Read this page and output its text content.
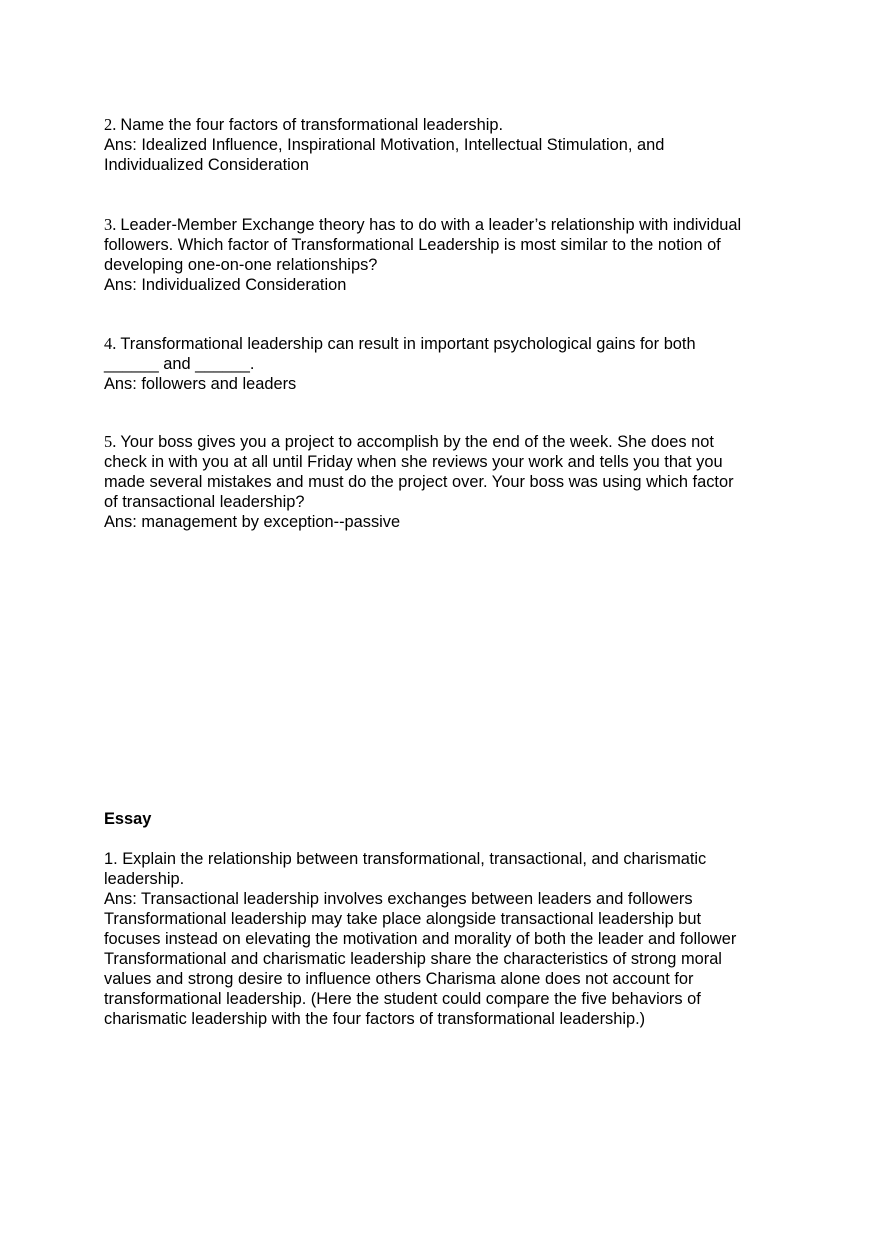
2. Name the four factors of transformational leadership.
Ans: Idealized Influence, Inspirational Motivation, Intellectual Stimulation, and
Individualized Consideration
3. Leader-Member Exchange theory has to do with a leader’s relationship with individual
followers. Which factor of Transformational Leadership is most similar to the notion of
developing one-on-one relationships?
Ans: Individualized Consideration
4. Transformational leadership can result in important psychological gains for both
______ and ______.
Ans: followers and leaders
5. Your boss gives you a project to accomplish by the end of the week. She does not
check in with you at all until Friday when she reviews your work and tells you that you
made several mistakes and must do the project over. Your boss was using which factor
of transactional leadership?
Ans: management by exception--passive
Essay
1. Explain the relationship between transformational, transactional, and charismatic
leadership.
Ans: Transactional leadership involves exchanges between leaders and followers
Transformational leadership may take place alongside transactional leadership but
focuses instead on elevating the motivation and morality of both the leader and follower
Transformational and charismatic leadership share the characteristics of strong moral
values and strong desire to influence others Charisma alone does not account for
transformational leadership. (Here the student could compare the five behaviors of
charismatic leadership with the four factors of transformational leadership.)
